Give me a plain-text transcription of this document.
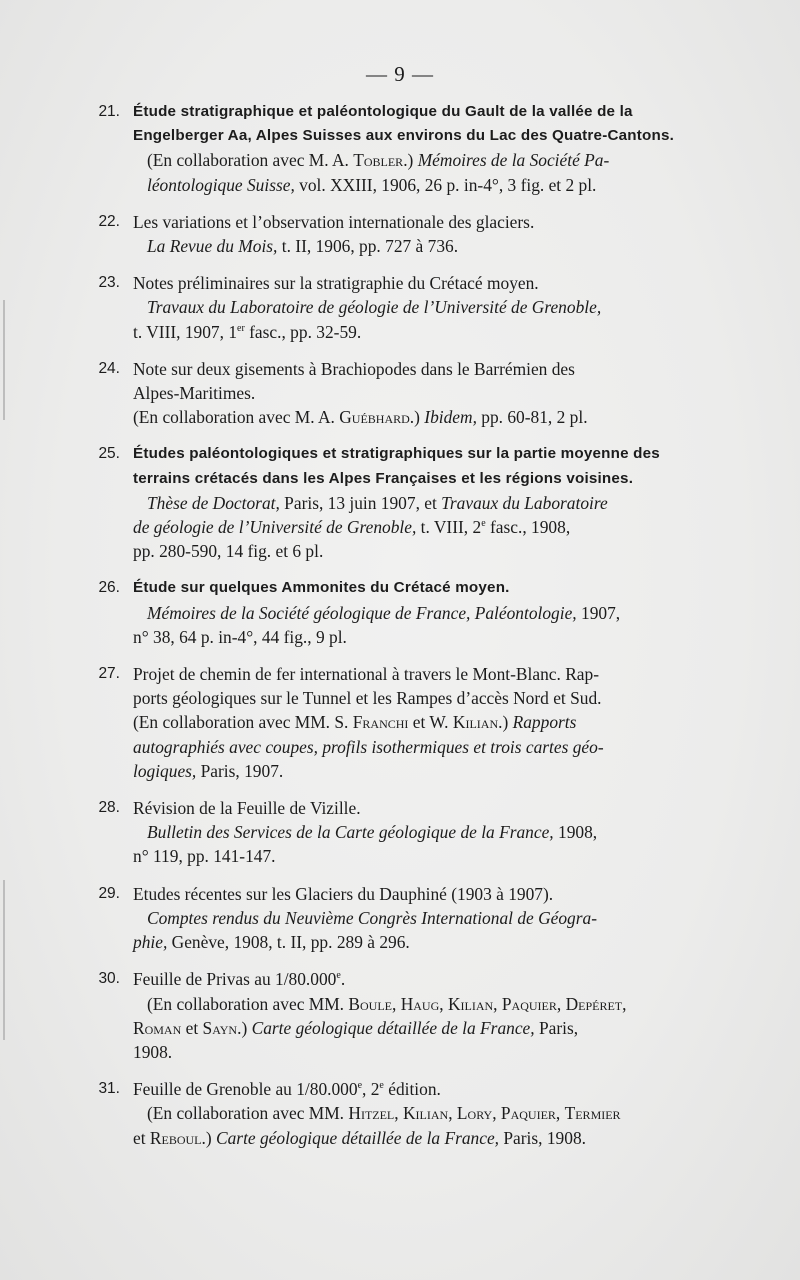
— 9 —
21. Étude stratigraphique et paléontologique du Gault de la vallée de la
Engelberger Aa, Alpes Suisses aux environs du Lac des Quatre-Cantons.
(En collaboration avec M. A. Tobler.) Mémoires de la Société Pa-
léontologique Suisse, vol. XXIII, 1906, 26 p. in-4°, 3 fig. et 2 pl.
22. Les variations et l’observation internationale des glaciers.
La Revue du Mois, t. II, 1906, pp. 727 à 736.
23. Notes préliminaires sur la stratigraphie du Crétacé moyen.
Travaux du Laboratoire de géologie de l’Université de Grenoble,
t. VIII, 1907, 1er fasc., pp. 32-59.
24. Note sur deux gisements à Brachiopodes dans le Barrémien des
Alpes-Maritimes.
(En collaboration avec M. A. Guébhard.) Ibidem, pp. 60-81, 2 pl.
25. Études paléontologiques et stratigraphiques sur la partie moyenne des
terrains crétacés dans les Alpes Françaises et les régions voisines.
Thèse de Doctorat, Paris, 13 juin 1907, et Travaux du Laboratoire
de géologie de l’Université de Grenoble, t. VIII, 2e fasc., 1908,
pp. 280-590, 14 fig. et 6 pl.
26. Étude sur quelques Ammonites du Crétacé moyen.
Mémoires de la Société géologique de France, Paléontologie, 1907,
n° 38, 64 p. in-4°, 44 fig., 9 pl.
27. Projet de chemin de fer international à travers le Mont-Blanc. Rap-
ports géologiques sur le Tunnel et les Rampes d’accès Nord et Sud.
(En collaboration avec MM. S. Franchi et W. Kilian.) Rapports
autographiés avec coupes, profils isothermiques et trois cartes géo-
logiques, Paris, 1907.
28. Révision de la Feuille de Vizille.
Bulletin des Services de la Carte géologique de la France, 1908,
n° 119, pp. 141-147.
29. Etudes récentes sur les Glaciers du Dauphiné (1903 à 1907).
Comptes rendus du Neuvième Congrès International de Géogra-
phie, Genève, 1908, t. II, pp. 289 à 296.
30. Feuille de Privas au 1/80.000e.
(En collaboration avec MM. Boule, Haug, Kilian, Paquier, Depéret,
Roman et Sayn.) Carte géologique détaillée de la France, Paris,
1908.
31. Feuille de Grenoble au 1/80.000e, 2e édition.
(En collaboration avec MM. Hitzel, Kilian, Lory, Paquier, Termier
et Reboul.) Carte géologique détaillée de la France, Paris, 1908.
